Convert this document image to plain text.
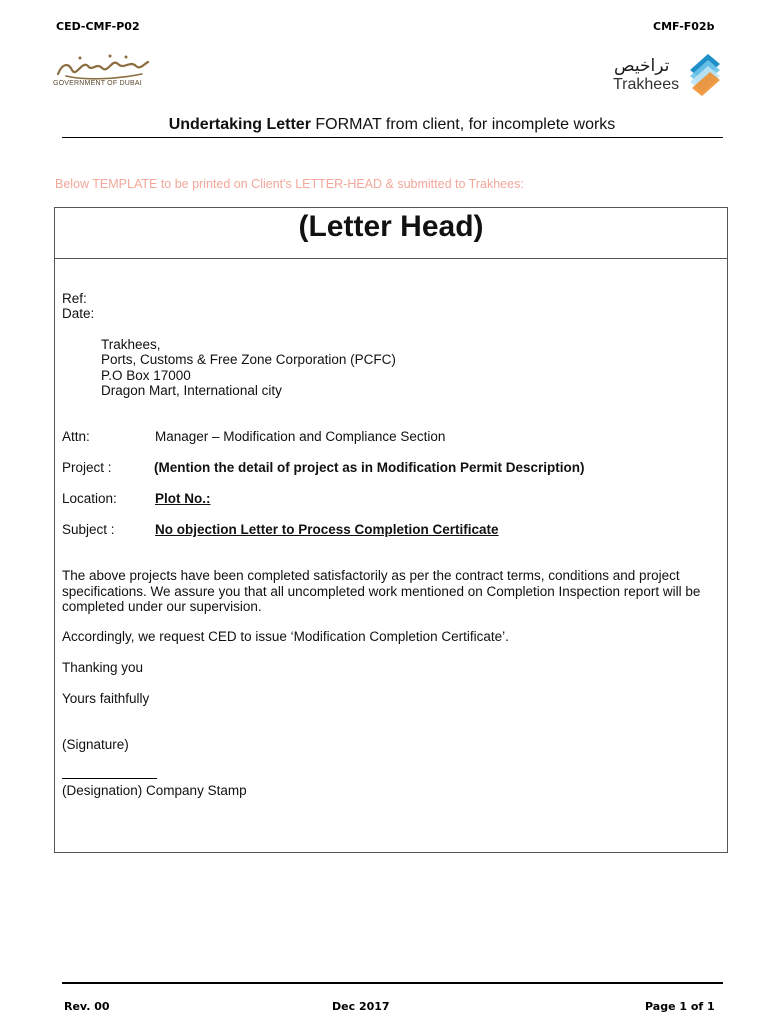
CED-CMF-P02	CMF-F02b
GOVERNMENT OF DUBAI
تراخيص
Trakhees
Undertaking Letter FORMAT from client, for incomplete works
Below TEMPLATE to be printed on Client's LETTER-HEAD & submitted to Trakhees:
(Letter Head)
Ref:
Date:
Trakhees,
Ports, Customs & Free Zone Corporation (PCFC)
P.O Box 17000
Dragon Mart, International city
Attn:	Manager – Modification and Compliance Section
Project :	(Mention the detail of project as in Modification Permit Description)
Location:	Plot No.:
Subject :	No objection Letter to Process Completion Certificate
The above projects have been completed satisfactorily as per the contract terms, conditions and project specifications. We assure you that all uncompleted work mentioned on Completion Inspection report will be completed under our supervision.
Accordingly, we request CED to issue ‘Modification Completion Certificate’.
Thanking you
Yours faithfully
(Signature)
(Designation) Company Stamp
Rev. 00	Dec 2017	Page 1 of 1
